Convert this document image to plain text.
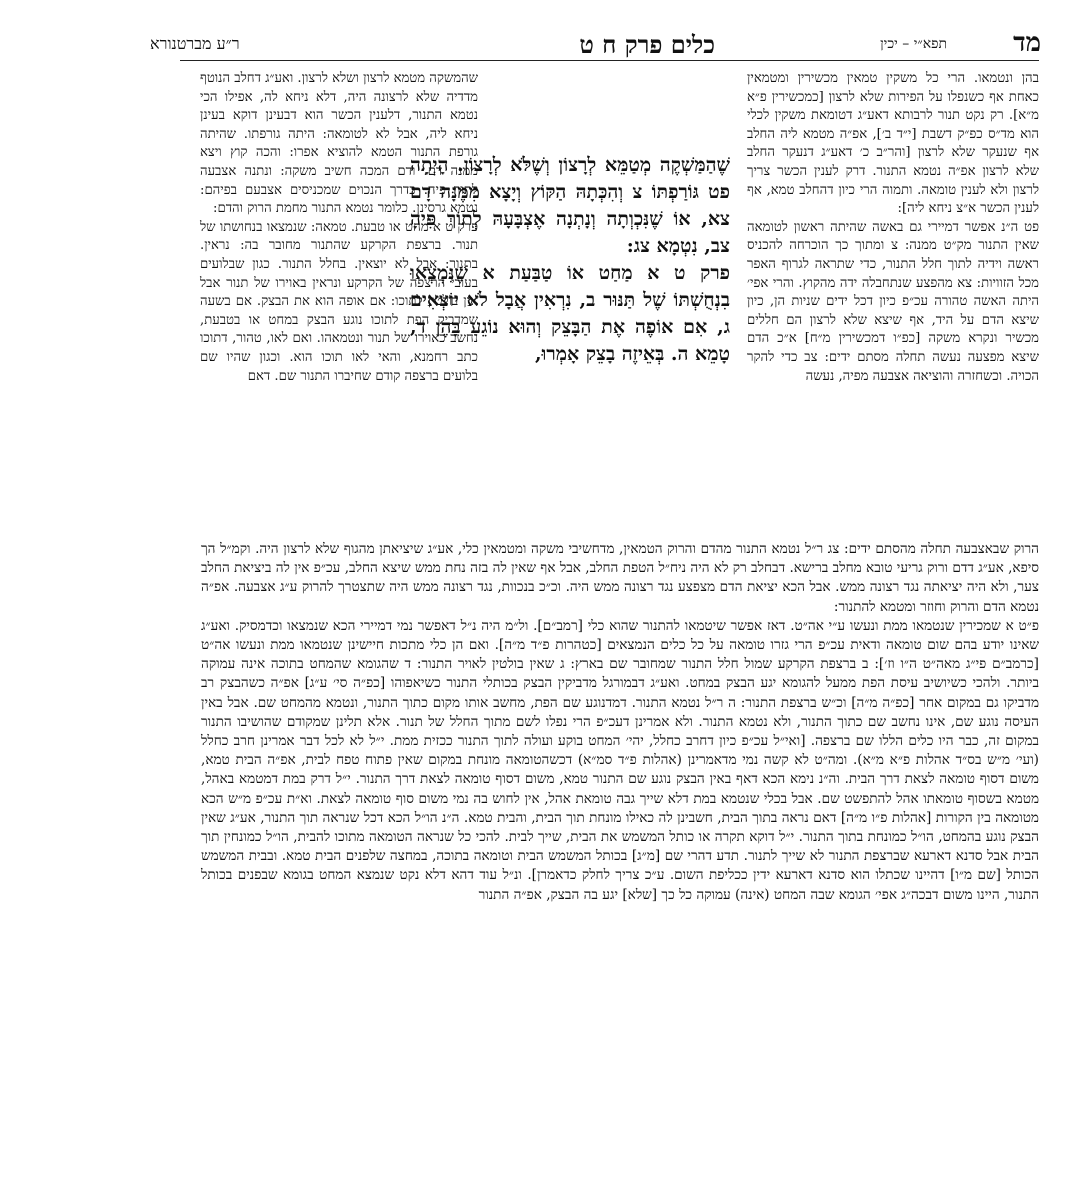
מד
תפא״י – יכין
כלים פרק ח ט
ר״ע מברטנורא

בהן ונטמאו. הרי כל משקין טמאין מכשירין ומטמאין כאחת אף כשנפלו על הפירות שלא לרצון [כמכשירין פ״א מ״א]. רק נקט תנור לרבותא דאע״ג דטומאת משקין לכלי הוא מד״ס כפ״ק דשבת [י״ד ב׳], אפ״ה מטמא ליה החלב אף שנעקר שלא לרצון [והר״ב כ׳ דאע״ג דנעקר החלב שלא לרצון אפ״ה נטמא התנור. דרק לענין הכשר צריך לרצון ולא לענין טומאה. ותמוה הרי כיון דהחלב טמא, אף לענין הכשר א״צ ניחא ליה]:

פט ה״נ אפשר דמיירי גם באשה שהיתה ראשון לטומאה שאין התנור מק״ט ממנה: צ ומתוך כך הוכרחה להכניס ראשה וידיה לתוך חלל התנור, כדי שתראה לגרוף האפר מכל הזוויות: צא מהפצע שנתחבלה ידה מהקוץ. והרי אפי׳ היתה האשה טהורה עכ״פ כיון דכל ידים שניות הן, כיון שיצא הדם על היד, אף שיצא שלא לרצון הם חללים מכשיר ונקרא משקה [כפ״ו דמכשירין מ״ח] א״כ הדם שיצא מפצעה נעשה תחלה מסתם ידים: צב כדי להקר הכויה. וכשחזרה והוציאה אצבעה מפיה, נעשה

שהמשקה מטמא לרצון ושלא לרצון. ואע״ג דחלב הנוטף מדדיה שלא לרצונה היה, דלא ניחא לה, אפילו הכי נטמא התנור, דלענין הכשר הוא דבעינן דוקא בעינן ניחא ליה, אבל לא לטומאה: היתה גורפתו. שהיתה גורפת התנור הטמא להוציא אפרו: והכה קוץ ויצא ממנה דם. ודם המכה חשיב משקה: ונתנה אצבעה לתוך פיה. כדרך הנכוים שמכניסים אצבעם בפיהם: נטמא גרסינן. כלומר נטמא התנור מחמת הרוק והדם:

פרק ט א מחט או טבעת. טמאה: שנמצאו בנחושתו של תנור. ברצפת הקרקע שהתנור מחובר בה: נראין. בתנור: אבל לא יוצאין. בחלל התנור. כגון שבלועים בעובי הרצפה של הקרקע ונראין באוירו של תנור אבל אין בולטין לתוכו: אם אופה הוא את הבצק. אם בשעה שמדביק הפת לתוכו נוגע הבצק במחט או בטבעת, נחשב כאוירו של תנור ונטמאהו. ואם לאו, טהור, דתוכו כתב רחמנא, והאי לאו תוכו הוא. וכגון שהיו שם בלועים ברצפה קודם שחיברו התנור שם. דאם

שֶׁהַמַּשְׁקֶה מְטַמֵּא לְרָצוֹן וְשֶׁלֹּא לְרָצוֹן. הָיְתָה פט גּוֹרַפְתּוֹ צ וְהִכְּתָהּ הַקּוֹץ וְיָצָא מִמֶּנָּה דָם צא, אוֹ שֶׁנִּכְוְתָה וְנָתְנָה אֶצְבָּעָהּ לְתוֹךְ פִּיהָ צב, נִטְמָא צג:

פרק ט א מַחַט אוֹ טַבַּעַת א שֶׁנִּמְצְאוּ בִנְחֻשְׁתּוֹ שֶׁל תַּנּוּר ב, נִרְאִין אֲבָל לֹא יוֹצְאִים ג, אִם אוֹפֶה אֶת הַבָּצֵק וְהוּא נוֹגֵעַ בָּהֶן ד, טָמֵא ה. בְּאֵיזֶה בָצֵק אָמְרוּ,

הרוק שבאצבעה תחלה מהסתם ידים: צג ר״ל נטמא התנור מהדם והרוק הטמאין, מדחשיבי משקה ומטמאין כלי, אע״ג שיציאתן מהגוף שלא לרצון היה. וקמ״ל הך סיפא, אע״ג דדם ורוק גריעי טובא מחלב ברישא. דבחלב רק לא היה ניח״ל הטפת החלב, אבל אף שאין לה בזה נחת ממש שיצא החלב, עכ״פ אין לה ביציאת החלב צער, ולא היה יציאתה נגד רצונה ממש. אבל הכא יציאת הדם מצפצע נגד רצונה ממש היה. וכ״כ בנכוות, נגד רצונה ממש היה שתצטרך להרוק ע״ג אצבעה. אפ״ה נטמא הדם והרוק וחוזר ומטמא להתנור:

פ״ט א שמכירין שנטמאו ממת ונעשו ע״י אה״ט. דאז אפשר שיטמאו להתנור שהוא כלי [רמב״ם]. ול״מ היה נ״ל דאפשר נמי דמיירי הכא שנמצאו וכדמסיק. ואע״ג שאינו יודע בהם שום טומאה ודאית עכ״פ הרי גזרו טומאה על כל כלים הנמצאים [כטהרות פ״ד מ״ה]. ואם הן כלי מתכות חיישינן שנטמאו ממת ונעשו אה״ט [כרמב״ם פי״ג מאה״ט ה״ו וז׳]: ב ברצפת הקרקע שמול חלל התנור שמחובר שם בארץ: ג שאין בולטין לאויר התנור: ד שהגומא שהמחט בתוכה אינה עמוקה ביותר. ולהכי כשיושיב עיסת הפת ממעל להגומא יגע הבצק במחט. ואע״ג דבמורגל מדביקין הבצק בכותלי התנור כשיאפוהו [כפ״ה סי׳ ע״ג] אפ״ה כשהבצק רב מדביקו גם במקום אחר [כפ״ה מ״ה] וכ״ש ברצפת התנור: ה ר״ל נטמא התנור. דמדנוגע שם הפת, מחשב אותו מקום כתוך התנור, ונטמא מהמחט שם. אבל באין העיסה נוגע שם, אינו נחשב שם כתוך התנור, ולא נטמא התנור. ולא אמרינן דעכ״פ הרי נפלו לשם מתוך החלל של תנור. אלא תלינן שמקודם שהושיבו התנור במקום זה, כבר היו כלים הללו שם ברצפה. [ואי״ל עכ״פ כיון דחרב כחלל, יהי׳ המחט בוקע ועולה לתוך התנור ככזית ממת. י״ל לא לכל דבר אמרינן חרב כחלל (ועי׳ מ״ש בס״ד אהלות פ״א מ״א). ומה״ט לא קשה נמי מדאמרינן (אהלות פ״ד סמ״א) דכשהטומאה מונחת במקום שאין פתוח טפח לבית, אפ״ה הבית טמא, משום דסוף טומאה לצאת דרך הבית. וה״נ נימא הכא דאף באין הבצק נוגע שם התנור טמא, משום דסוף טומאה לצאת דרך התנור. י״ל דרק במת דמטמא באהל, מטמא בשסוף טומאתו אהל להתפשט שם. אבל בכלי שנטמא במת דלא שייך גבה טומאת אהל, אין לחוש בה נמי משום סוף טומאה לצאת. וא״ת עכ״פ מ״ש הכא מטומאה בין הקורות [אהלות פ״ו מ״ה] דאם נראה בתוך הבית, חשבינן לה כאילו מונחת תוך הבית, והבית טמא. ה״נ הו״ל הכא דכל שנראה תוך התנור, אע״ג שאין הבצק נוגע בהמחט, הו״ל כמונחת בתוך התנור. י״ל דוקא תקרה או כותל המשמש את הבית, שייך לבית. להכי כל שנראה הטומאה מתוכו להבית, הו״ל כמונחין תוך הבית אבל סדנא דארעא שברצפת התנור לא שייך לתנור. תדע דהרי שם [מ״ג] בכותל המשמש הבית וטומאה בתוכה, במחצה שלפנים הבית טמא. ובבית המשמש הכותל [שם מ״ו] דהיינו שכתלו הוא סדנא דארעא ידין ככליפת השום. ע״כ צריך לחלק כדאמרן]. ונ״ל עוד דהא דלא נקט שנמצא המחט בגומא שבפנים בכותל התנור, היינו משום דבכה״ג אפי׳ הגומא שבה המחט (אינה) עמוקה כל כך [שלא] יגע בה הבצק, אפ״ה התנור
